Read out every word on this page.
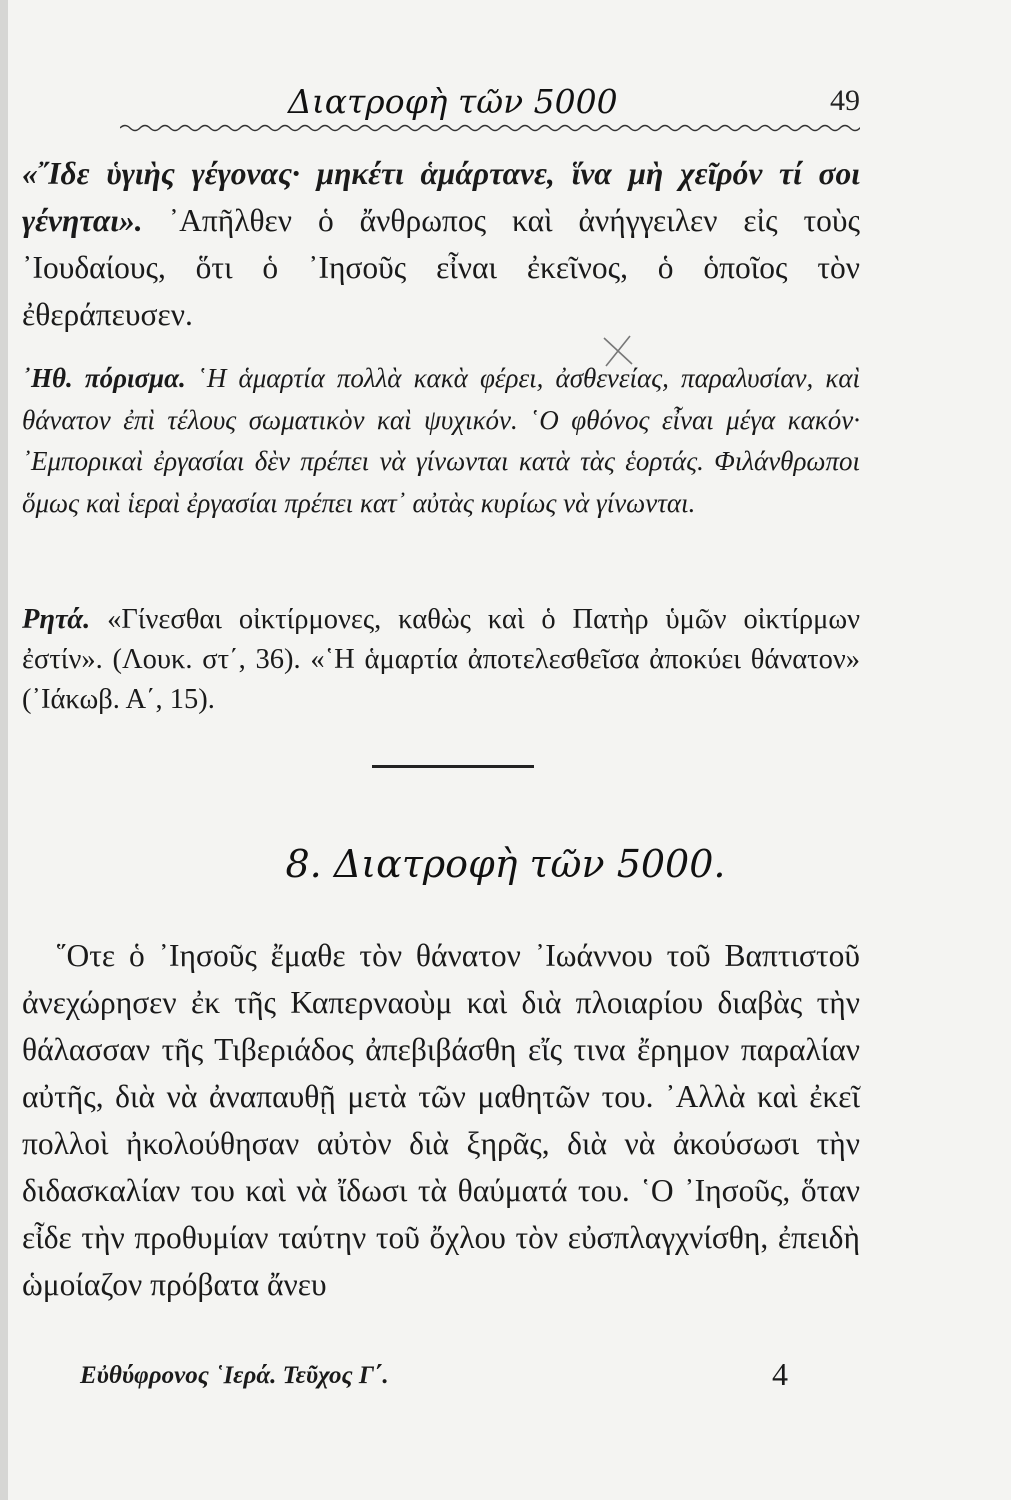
Διατροφὴ τῶν 5000	49

«῎Ιδε ὑγιὴς γέγονας· μηκέτι ἁμάρτανε, ἵνα μὴ χεῖρόν τί σοι γένηται». ᾿Απῆλθεν ὁ ἄνθρωπος καὶ ἀνήγγειλεν εἰς τοὺς ᾿Ιουδαίους, ὅτι ὁ ᾿Ιησοῦς εἶναι ἐκεῖνος, ὁ ὁποῖος τὸν ἐθεράπευσεν.

᾿Ηθ. πόρισμα. ῾Η ἁμαρτία πολλὰ κακὰ φέρει, ἀσθενείας, παραλυσίαν, καὶ θάνατον ἐπὶ τέλους σωματικὸν καὶ ψυχικόν. ῾Ο φθόνος εἶναι μέγα κακόν· ᾿Εμπορικαὶ ἐργασίαι δὲν πρέπει νὰ γίνωνται κατὰ τὰς ἑορτάς. Φιλάνθρωποι ὅμως καὶ ἱεραὶ ἐργασίαι πρέπει κατ᾿ αὐτὰς κυρίως νὰ γίνωνται.

Ρητά. «Γίνεσθαι οἰκτίρμονες, καθὼς καὶ ὁ Πατὴρ ὑμῶν οἰκτίρμων ἐστίν». (Λουκ. στ΄, 36). «῾Η ἁμαρτία ἀποτελεσθεῖσα ἀποκύει θάνατον» (᾿Ιάκωβ. Α΄, 15).

8. Διατροφὴ τῶν 5000.

῞Οτε ὁ ᾿Ιησοῦς ἔμαθε τὸν θάνατον ᾿Ιωάννου τοῦ Βαπτιστοῦ ἀνεχώρησεν ἐκ τῆς Καπερναοὺμ καὶ διὰ πλοιαρίου διαβὰς τὴν θάλασσαν τῆς Τιβεριάδος ἀπεβιβάσθη εἴς τινα ἔρημον παραλίαν αὐτῆς, διὰ νὰ ἀναπαυθῇ μετὰ τῶν μαθητῶν του. ᾿Αλλὰ καὶ ἐκεῖ πολλοὶ ἠκολούθησαν αὐτὸν διὰ ξηρᾶς, διὰ νὰ ἀκούσωσι τὴν διδασκαλίαν του καὶ νὰ ἴδωσι τὰ θαύματά του. ῾Ο ᾿Ιησοῦς, ὅταν εἶδε τὴν προθυμίαν ταύτην τοῦ ὄχλου τὸν εὐσπλαγχνίσθη, ἐπειδὴ ὡμοίαζον πρόβατα ἄνευ

Εὐθύφρονος ῾Ιερά. Τεῦχος Γ΄.	4
